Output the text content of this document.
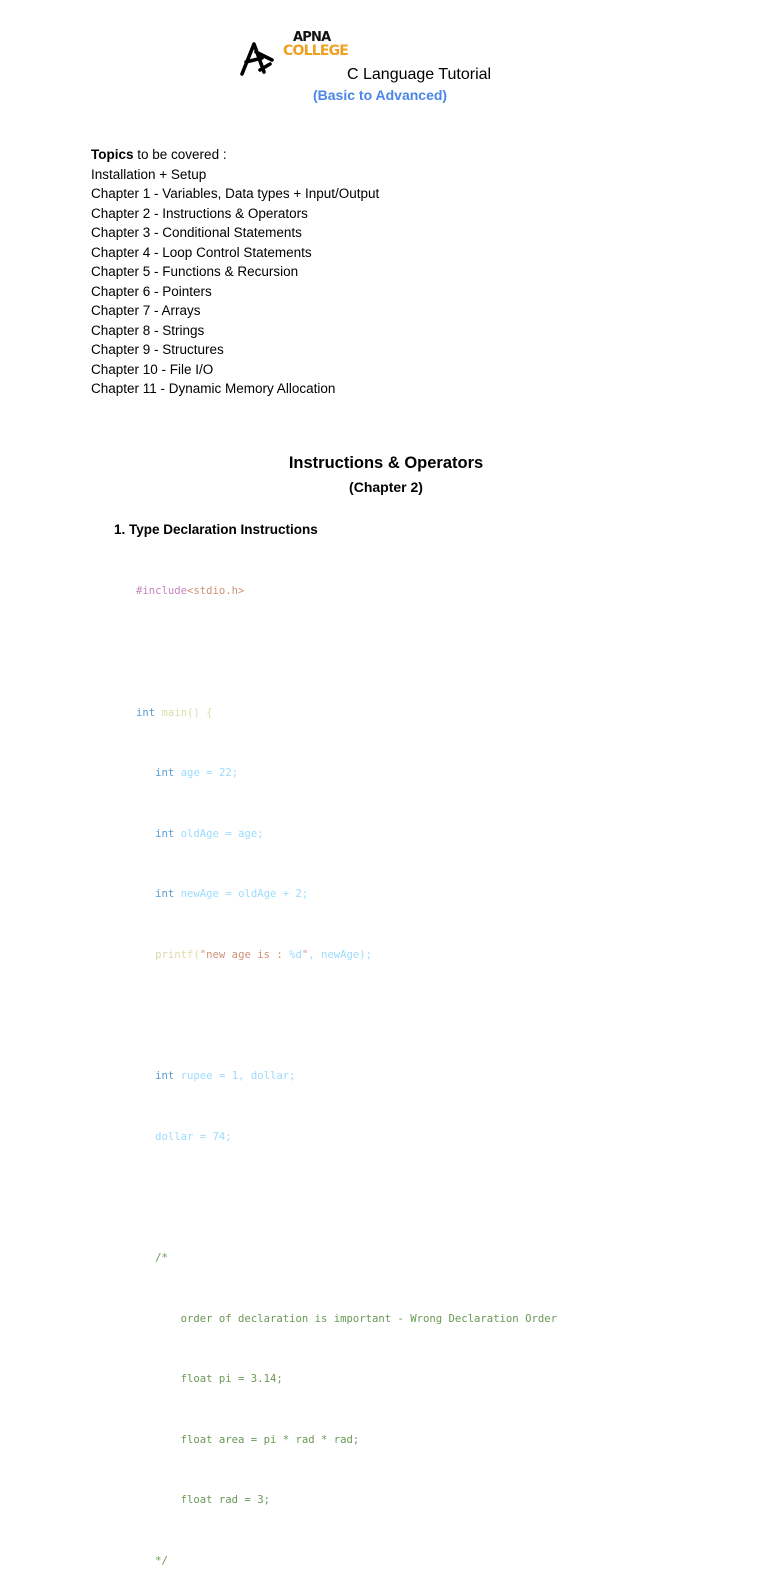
APNA
COLLEGE
C Language Tutorial
(Basic to Advanced)
Topics to be covered :
Installation + Setup
Chapter 1 - Variables, Data types + Input/Output
Chapter 2 - Instructions & Operators
Chapter 3 - Conditional Statements
Chapter 4 - Loop Control Statements
Chapter 5 - Functions & Recursion
Chapter 6 - Pointers
Chapter 7 - Arrays
Chapter 8 - Strings
Chapter 9 - Structures
Chapter 10 - File I/O
Chapter 11 - Dynamic Memory Allocation
Instructions & Operators
(Chapter 2)
1. Type Declaration Instructions

#include<stdio.h>

int main() {

int age = 22;

int oldAge = age;

int newAge = oldAge + 2;

printf("new age is : %d", newAge);

int rupee = 1, dollar;

dollar = 74;

/*

order of declaration is important - Wrong Declaration Order

float pi = 3.14;

float area = pi * rad * rad;

float rad = 3;

*/
